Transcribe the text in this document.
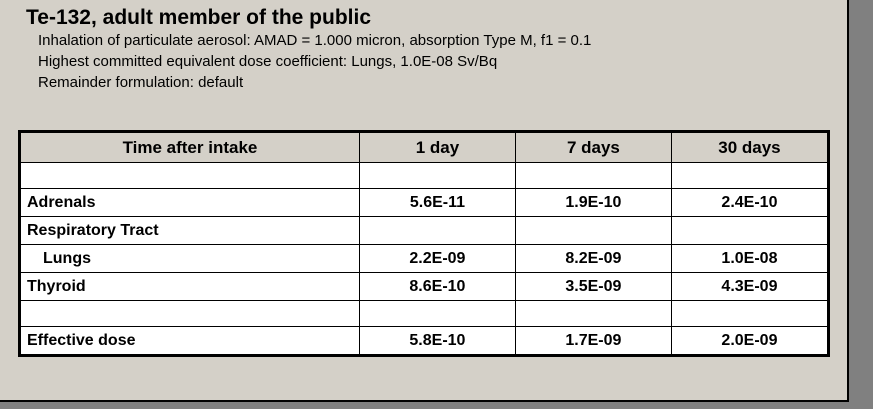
Te-132, adult member of the public
Inhalation of particulate aerosol: AMAD = 1.000 micron, absorption Type M, f1 = 0.1
Highest committed equivalent dose coefficient: Lungs, 1.0E-08 Sv/Bq
Remainder formulation: default
Time after intake	1 day	7 days	30 days

Adrenals	5.6E-11	1.9E-10	2.4E-10
Respiratory Tract			
Lungs	2.2E-09	8.2E-09	1.0E-08
Thyroid	8.6E-10	3.5E-09	4.3E-09

Effective dose	5.8E-10	1.7E-09	2.0E-09
